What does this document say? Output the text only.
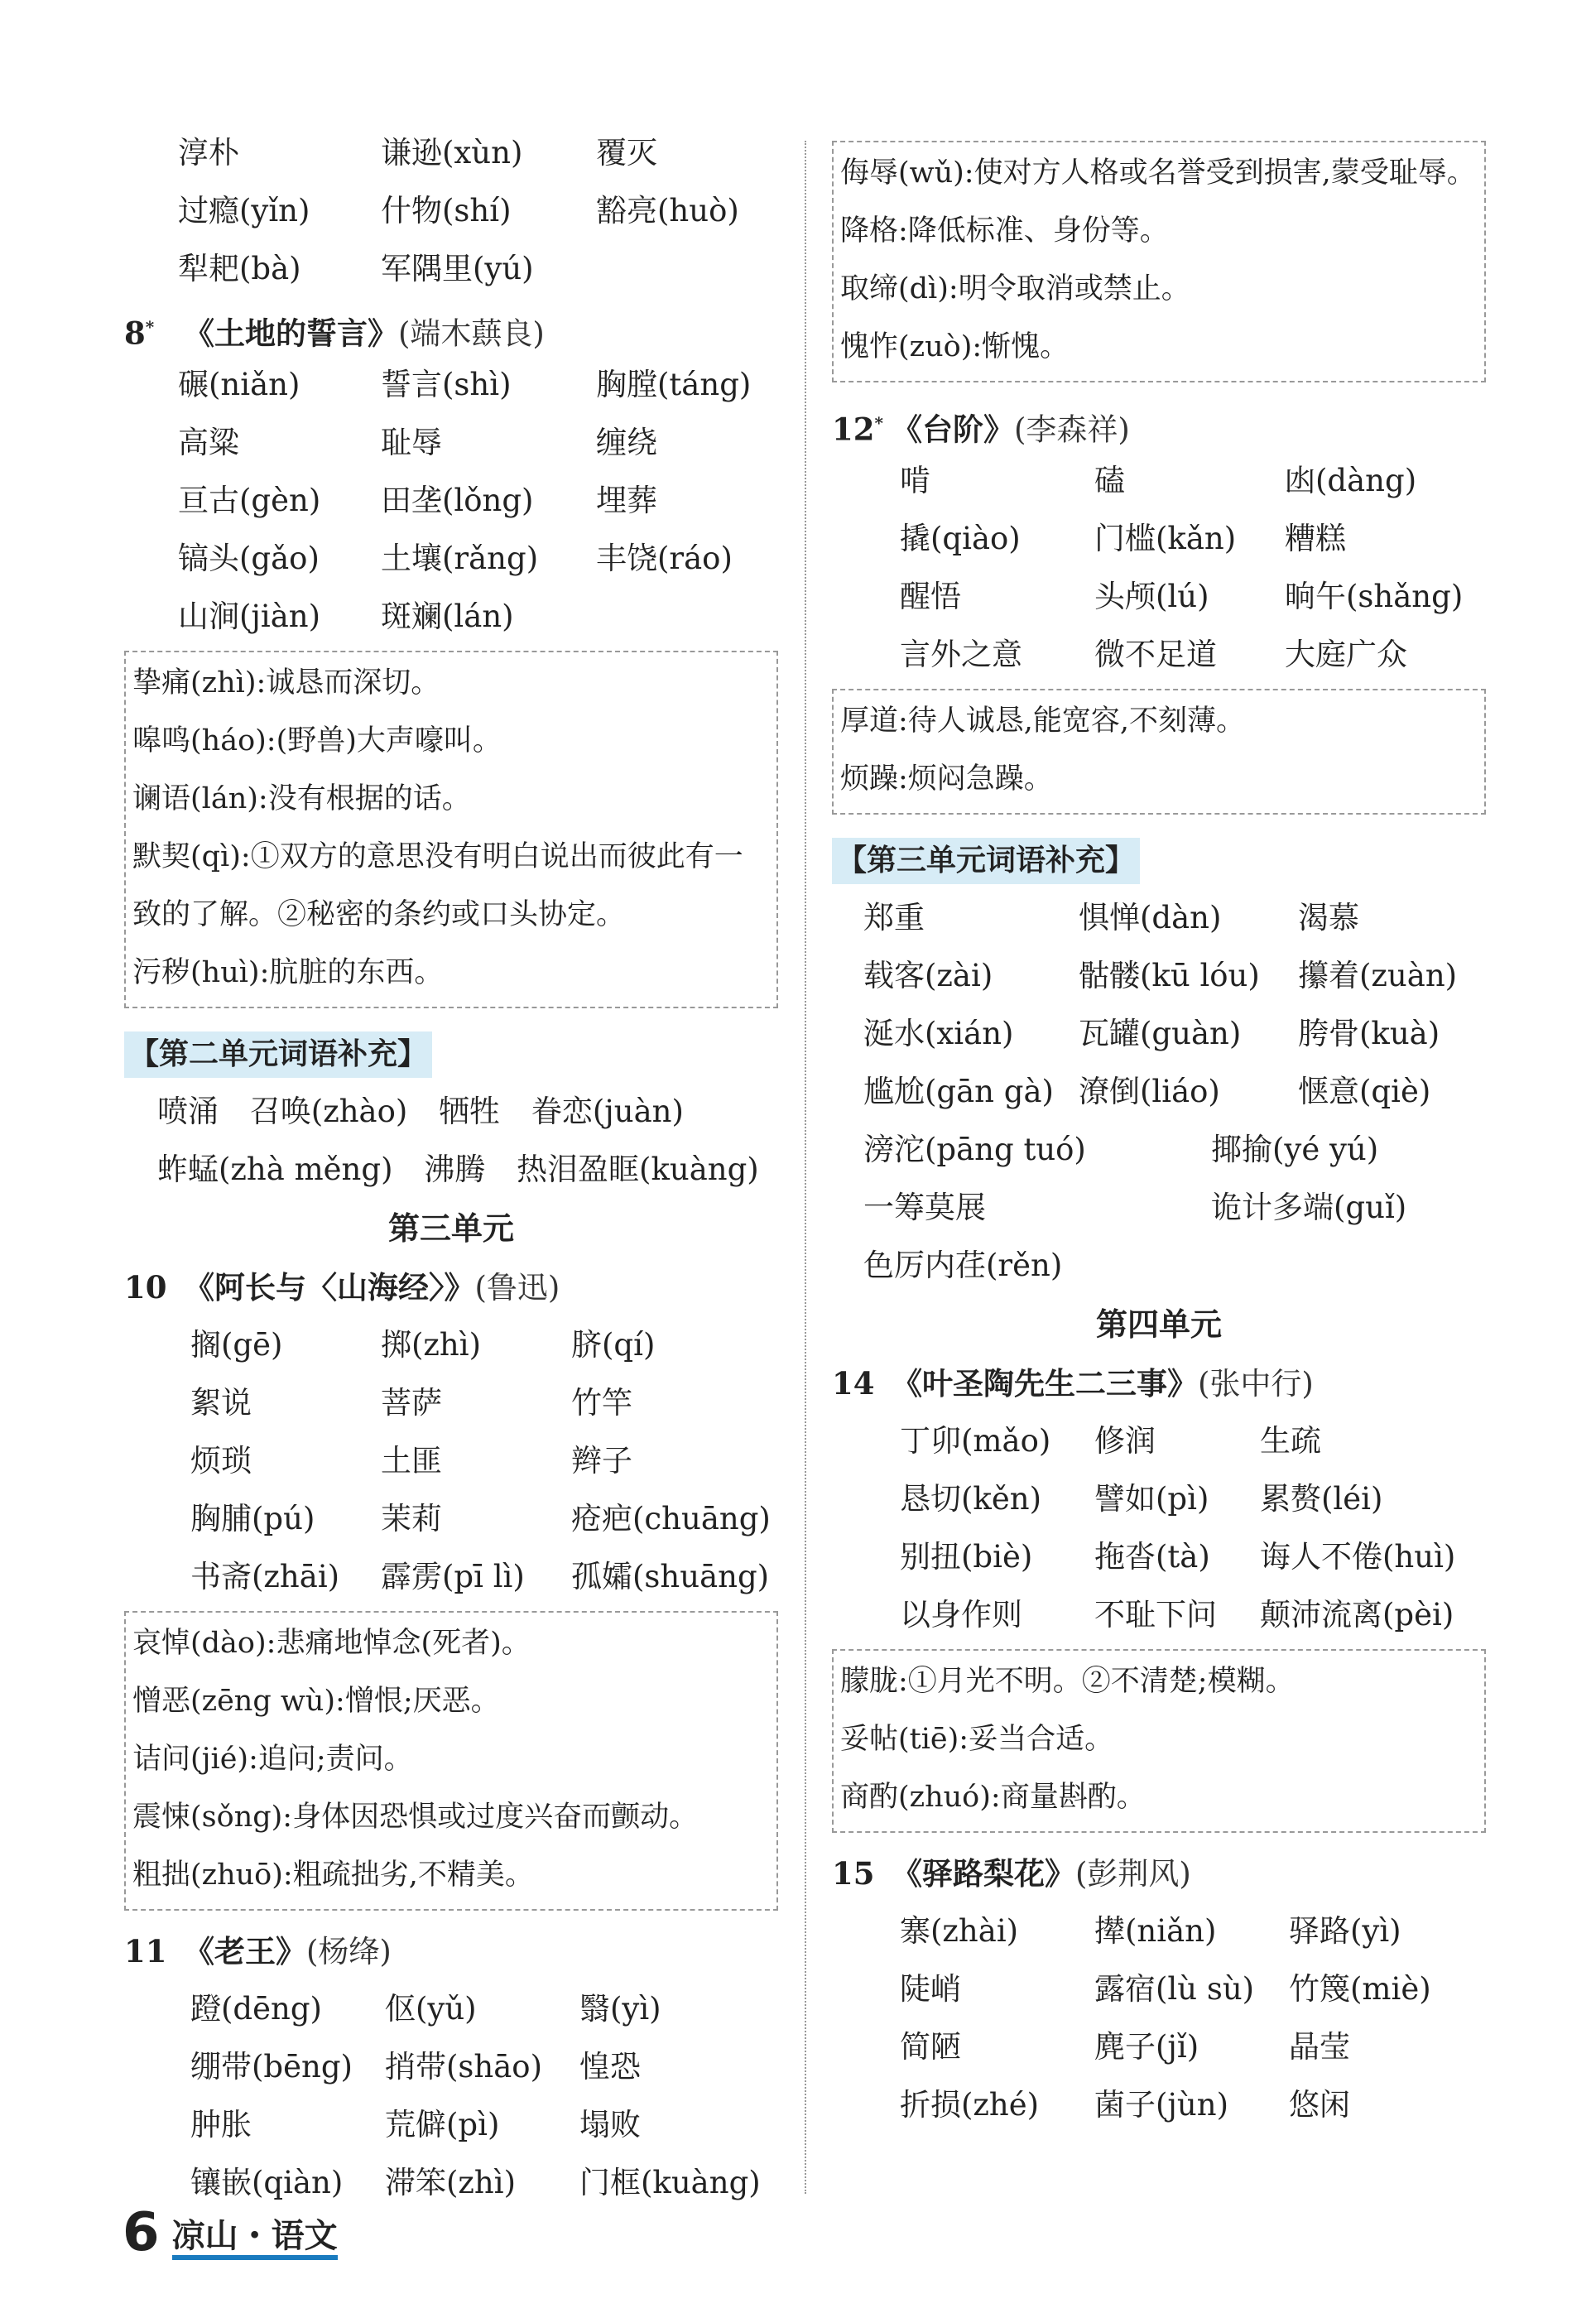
淳朴	谦逊(xùn)	覆灭
过瘾(yǐn)	什物(shí)	豁亮(huò)
犁耙(bà)	军隅里(yú)
8* 《土地的誓言》(端木蕻良)
碾(niǎn)	誓言(shì)	胸膛(táng)
高粱	耻辱	缠绕
亘古(gèn)	田垄(lǒng)	埋葬
镐头(gǎo)	土壤(rǎng)	丰饶(ráo)
山涧(jiàn)	斑斓(lán)
挚痛(zhì):诚恳而深切。
嗥鸣(háo):(野兽)大声嚎叫。
谰语(lán):没有根据的话。
默契(qì):①双方的意思没有明白说出而彼此有一致的了解。②秘密的条约或口头协定。
污秽(huì):肮脏的东西。
【第二单元词语补充】
喷涌 召唤(zhào) 牺牲 眷恋(juàn)
蚱蜢(zhà měng) 沸腾 热泪盈眶(kuàng)
第三单元
10 《阿长与〈山海经〉》(鲁迅)
搁(gē)	掷(zhì)	脐(qí)
絮说	菩萨	竹竿
烦琐	土匪	辫子
胸脯(pú)	茉莉	疮疤(chuāng)
书斋(zhāi)	霹雳(pī lì)	孤孀(shuāng)
哀悼(dào):悲痛地悼念(死者)。
憎恶(zēng wù):憎恨;厌恶。
诘问(jié):追问;责问。
震悚(sǒng):身体因恐惧或过度兴奋而颤动。
粗拙(zhuō):粗疏拙劣,不精美。
11 《老王》(杨绛)
蹬(dēng)	伛(yǔ)	翳(yì)
绷带(bēng)	捎带(shāo)	惶恐
肿胀	荒僻(pì)	塌败
镶嵌(qiàn)	滞笨(zhì)	门框(kuàng)
侮辱(wǔ):使对方人格或名誉受到损害,蒙受耻辱。
降格:降低标准、身份等。
取缔(dì):明令取消或禁止。
愧怍(zuò):惭愧。
12* 《台阶》(李森祥)
啃	磕	凼(dàng)
撬(qiào)	门槛(kǎn)	糟糕
醒悟	头颅(lú)	晌午(shǎng)
言外之意	微不足道	大庭广众
厚道:待人诚恳,能宽容,不刻薄。
烦躁:烦闷急躁。
【第三单元词语补充】
郑重	惧惮(dàn)	渴慕
载客(zài)	骷髅(kū lóu)	攥着(zuàn)
涎水(xián)	瓦罐(guàn)	胯骨(kuà)
尴尬(gān gà) 潦倒(liáo)	惬意(qiè)
滂沱(pāng tuó)	揶揄(yé yú)
一筹莫展	诡计多端(guǐ)
色厉内荏(rěn)
第四单元
14 《叶圣陶先生二三事》(张中行)
丁卯(mǎo)	修润	生疏
恳切(kěn)	譬如(pì)	累赘(léi)
别扭(biè)	拖沓(tà)	诲人不倦(huì)
以身作则	不耻下问	颠沛流离(pèi)
朦胧:①月光不明。②不清楚;模糊。
妥帖(tiē):妥当合适。
商酌(zhuó):商量斟酌。
15 《驿路梨花》(彭荆风)
寨(zhài)	撵(niǎn)	驿路(yì)
陡峭	露宿(lù sù)	竹篾(miè)
简陋	麂子(jǐ)	晶莹
折损(zhé)	菌子(jùn)	悠闲
6 凉山・语文
